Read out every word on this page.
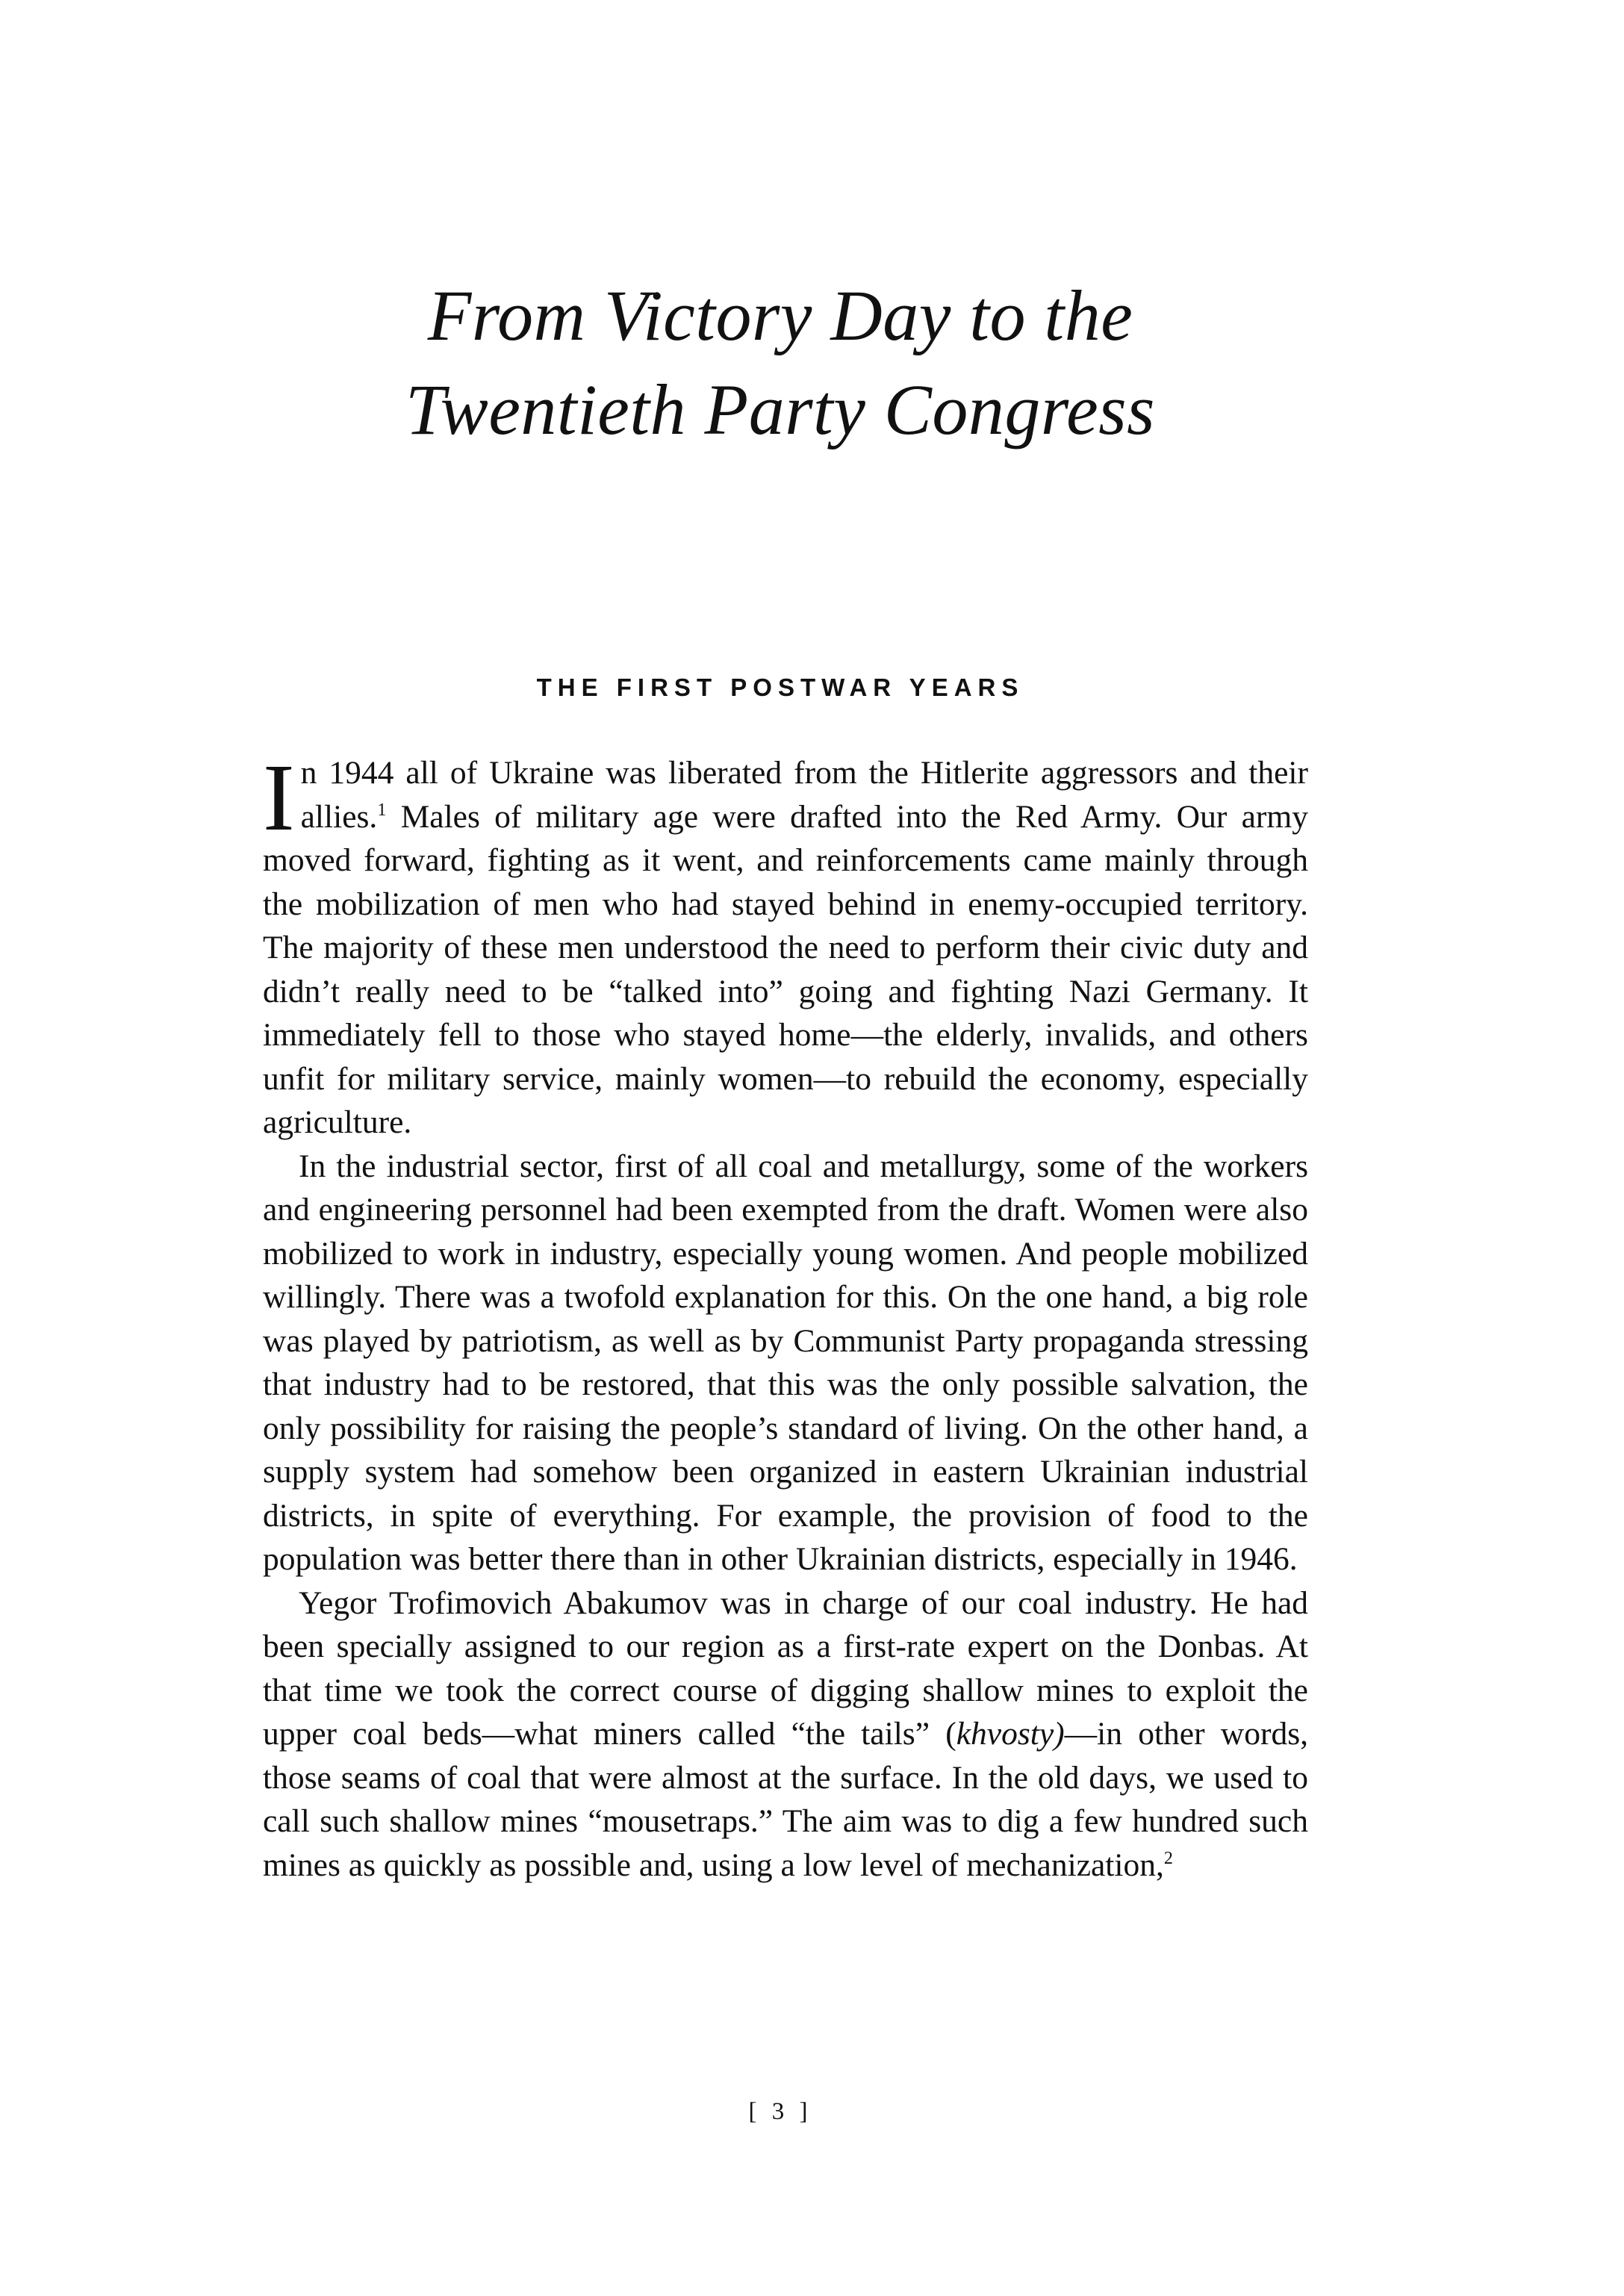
From Victory Day to the
Twentieth Party Congress
THE FIRST POSTWAR YEARS

In 1944 all of Ukraine was liberated from the Hitlerite aggressors and their allies.$^1$ Males of military age were drafted into the Red Army. Our army moved forward, fighting as it went, and reinforcements came mainly through the mobilization of men who had stayed behind in enemy-occupied territory. The majority of these men understood the need to perform their civic duty and didn’t really need to be “talked into” going and fighting Nazi Germany. It immediately fell to those who stayed home—the elderly, invalids, and others unfit for military service, mainly women—to rebuild the economy, especially agriculture.

In the industrial sector, first of all coal and metallurgy, some of the workers and engineering personnel had been exempted from the draft. Women were also mobilized to work in industry, especially young women. And people mobilized willingly. There was a twofold explanation for this. On the one hand, a big role was played by patriotism, as well as by Communist Party propaganda stressing that industry had to be restored, that this was the only possible salvation, the only possibility for raising the people’s standard of living. On the other hand, a supply system had somehow been organized in eastern Ukrainian industrial districts, in spite of everything. For example, the provision of food to the population was better there than in other Ukrainian districts, especially in 1946.

Yegor Trofimovich Abakumov was in charge of our coal industry. He had been specially assigned to our region as a first-rate expert on the Donbas. At that time we took the correct course of digging shallow mines to exploit the upper coal beds—what miners called “the tails” (khvosty)—in other words, those seams of coal that were almost at the surface. In the old days, we used to call such shallow mines “mousetraps.” The aim was to dig a few hundred such mines as quickly as possible and, using a low level of mechanization,$^2$

[ 3 ]
